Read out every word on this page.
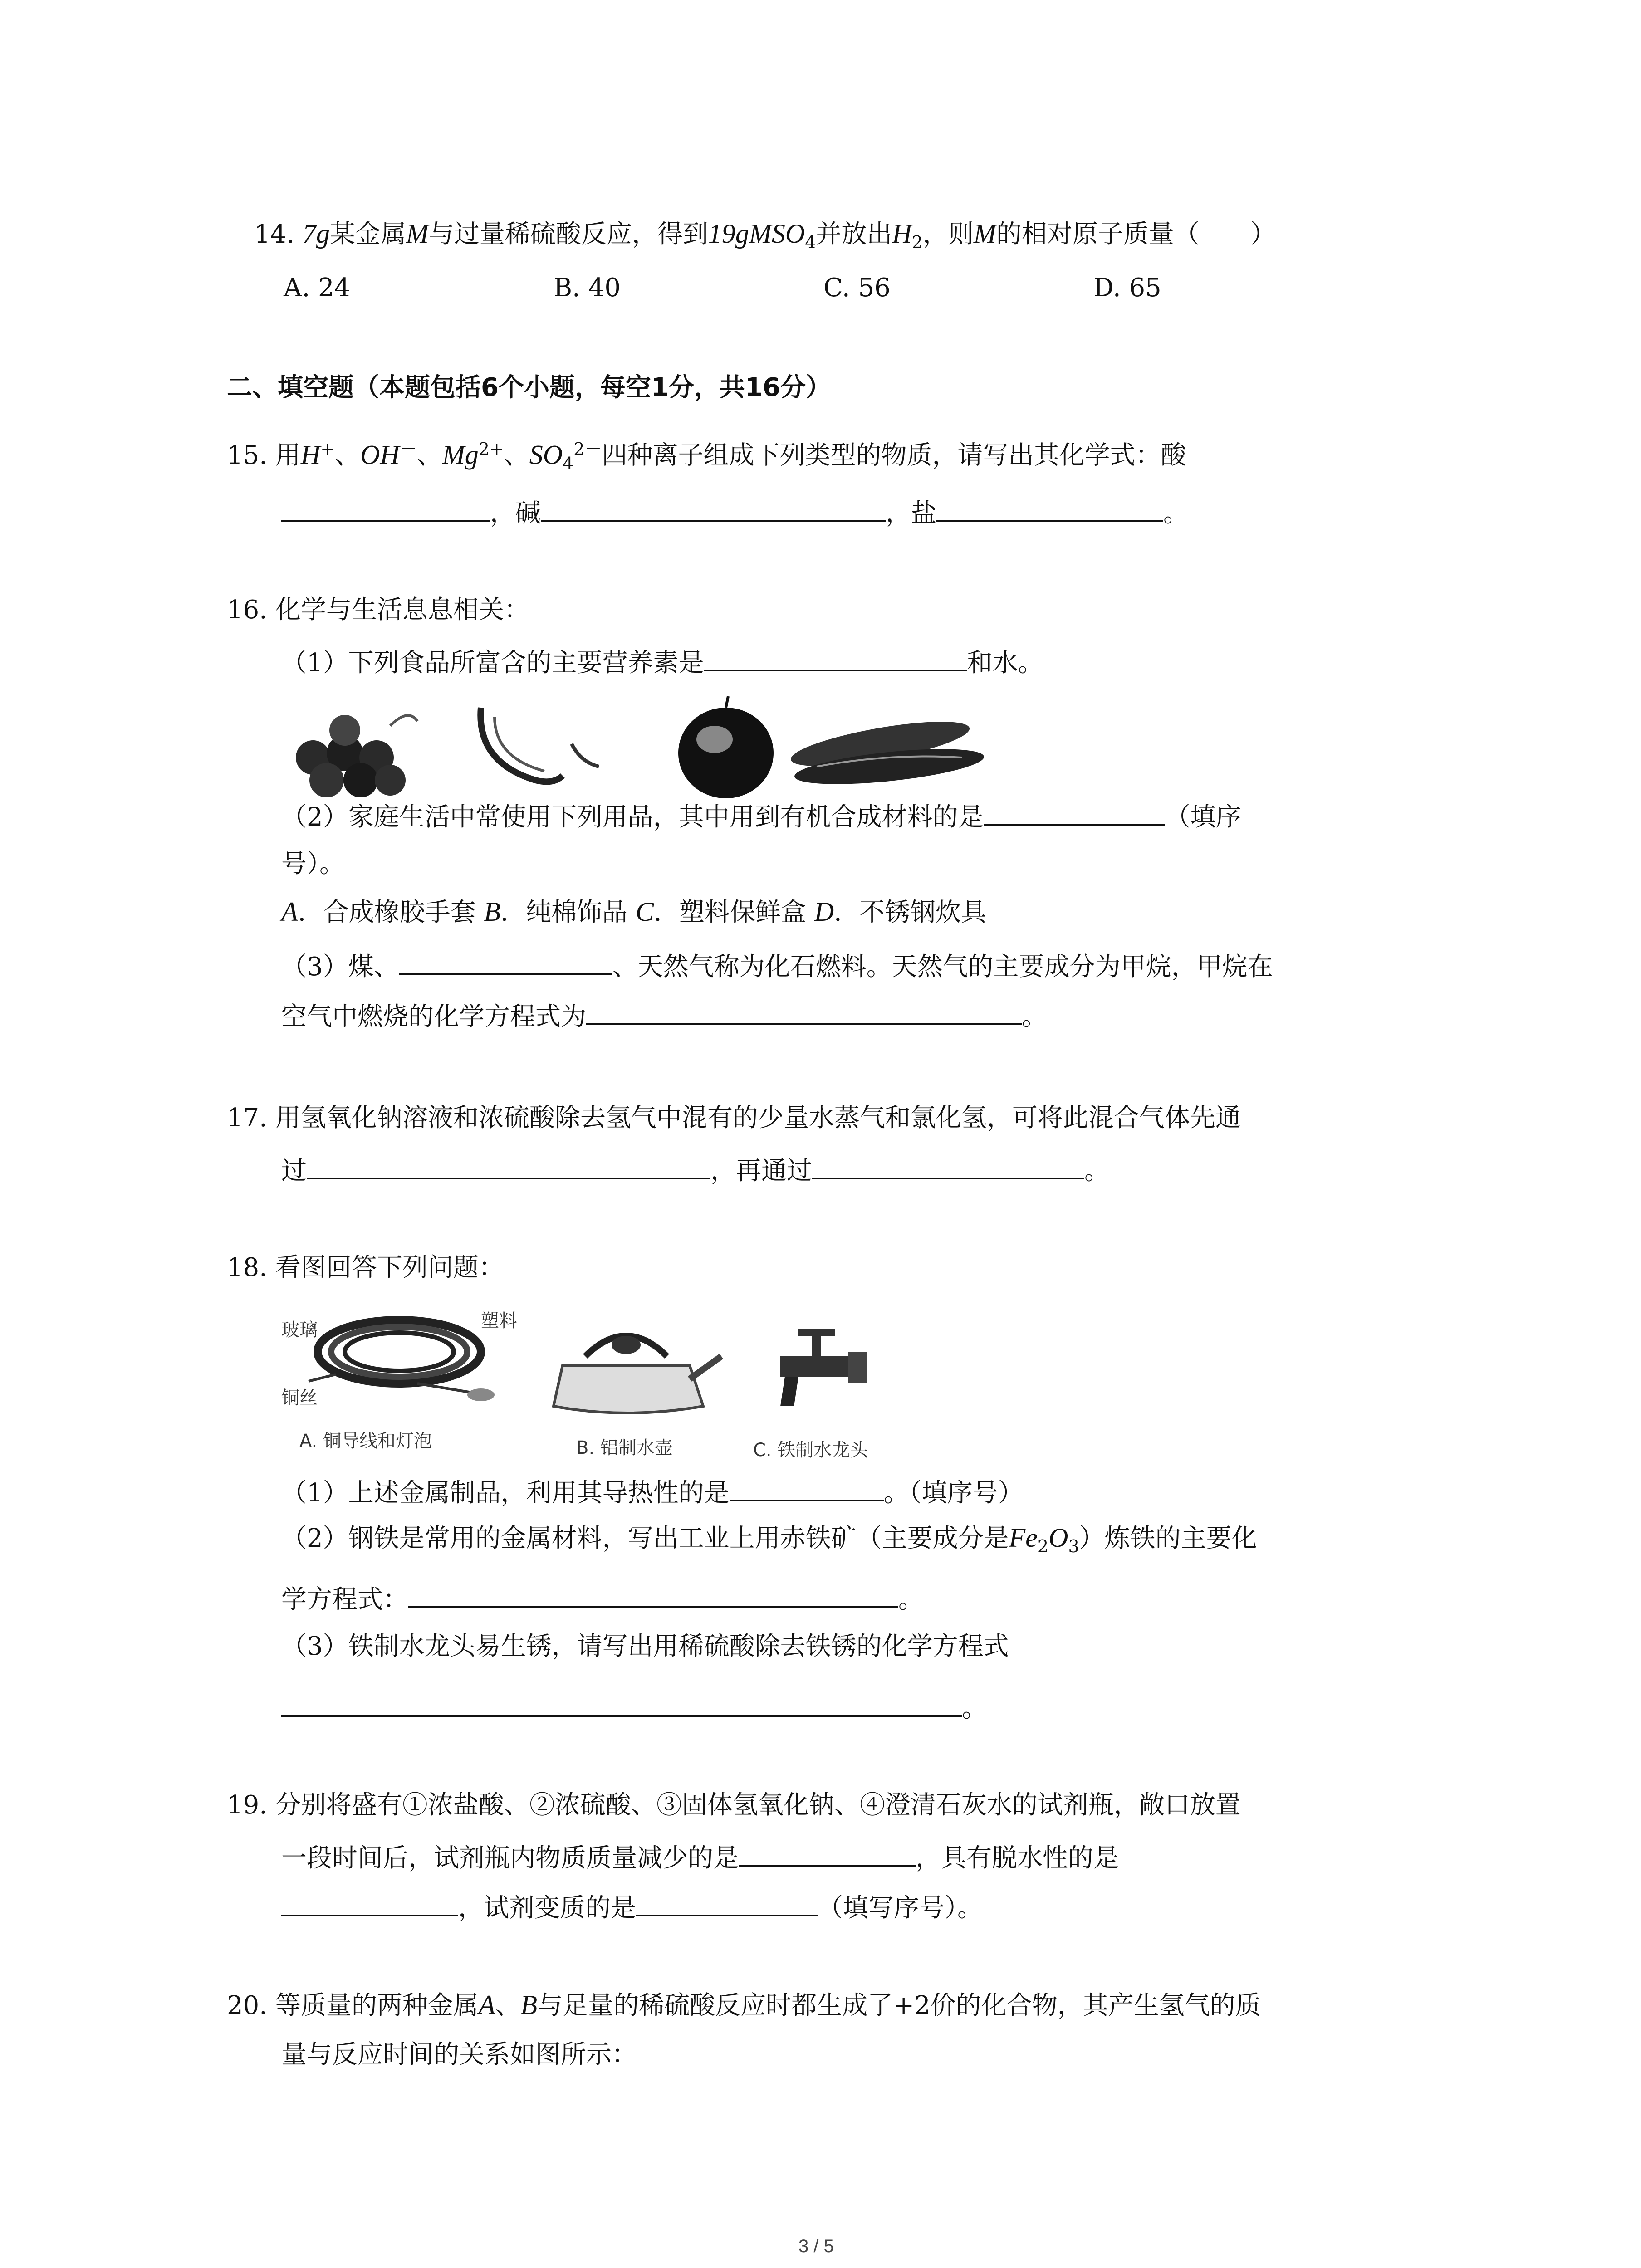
14. 7g某金属M与过量稀硫酸反应，得到19gMSO$_4$并放出$H_2$，则M的相对原子质量（　　）
A. 24	B. 40	C. 56	D. 65
二、填空题（本题包括6个小题，每空1分，共16分）
15. 用H+、OH－、$Mg^{2+}$、$SO_4^{2-}$四种离子组成下列类型的物质，请写出其化学式：酸
，碱	，盐	。
16. 化学与生活息息相关：
（1）下列食品所富含的主要营养素是	和水。
（2）家庭生活中常使用下列用品，其中用到有机合成材料的是	（填序
号）。
A．合成橡胶手套 B．纯棉饰品 C．塑料保鲜盒 D．不锈钢炊具
（3）煤、	、天然气称为化石燃料。天然气的主要成分为甲烷，甲烷在
空气中燃烧的化学方程式为	。
17. 用氢氧化钠溶液和浓硫酸除去氢气中混有的少量水蒸气和氯化氢，可将此混合气体先通
过	，再通过	。
18. 看图回答下列问题：
玻璃	塑料
铜丝
A. 铜导线和灯泡	B. 铝制水壶	C. 铁制水龙头
（1）上述金属制品，利用其导热性的是	。（填序号）
（2）钢铁是常用的金属材料，写出工业上用赤铁矿（主要成分是$Fe_2O_3$）炼铁的主要化
学方程式：	。
（3）铁制水龙头易生锈，请写出用稀硫酸除去铁锈的化学方程式
。
19. 分别将盛有①浓盐酸、②浓硫酸、③固体氢氧化钠、④澄清石灰水的试剂瓶，敞口放置
一段时间后，试剂瓶内物质质量减少的是	，具有脱水性的是
，试剂变质的是	（填写序号）。
20. 等质量的两种金属A、B与足量的稀硫酸反应时都生成了+2价的化合物，其产生氢气的质
量与反应时间的关系如图所示：
3 / 5
